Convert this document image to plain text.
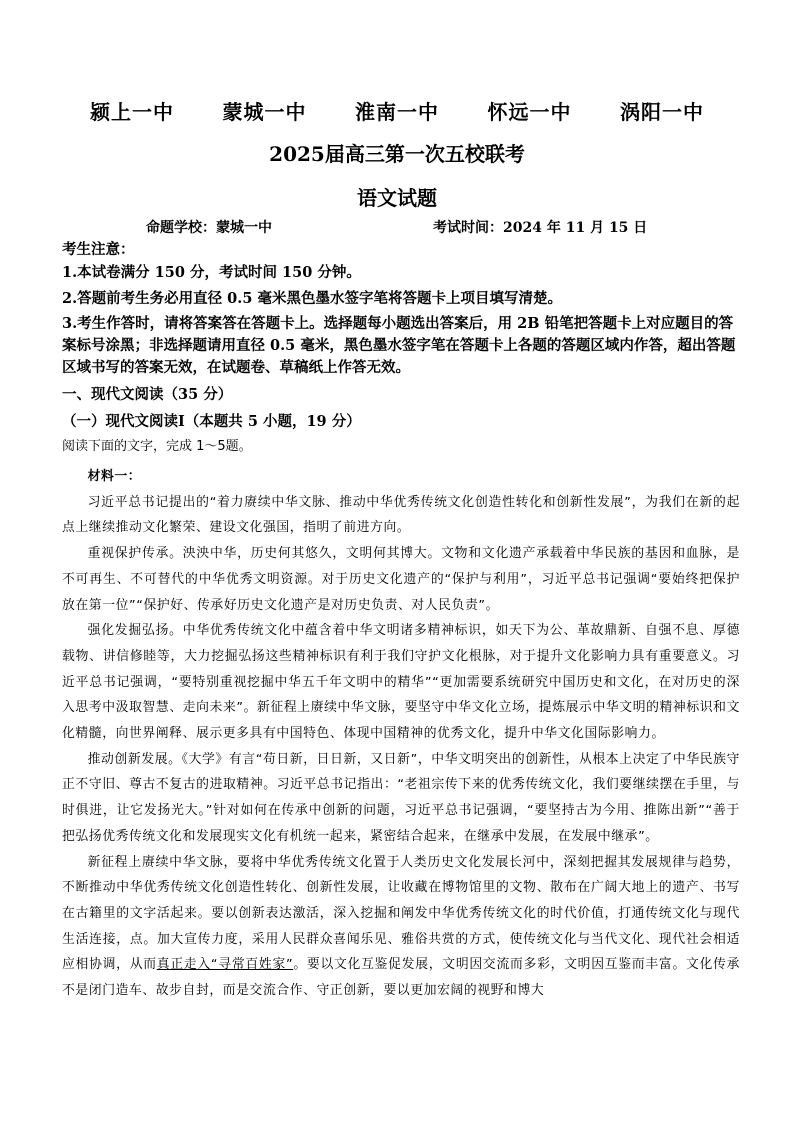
颍上一中 蒙城一中 淮南一中 怀远一中 涡阳一中
2025届高三第一次五校联考
语文试题
命题学校：蒙城一中	考试时间：2024 年 11 月 15 日

考生注意：

1.本试卷满分 150 分，考试时间 150 分钟。

2.答题前考生务必用直径 0.5 毫米黑色墨水签字笔将答题卡上项目填写清楚。

3.考生作答时，请将答案答在答题卡上。选择题每小题选出答案后，用 2B 铅笔把答题卡上对应题目的答案标号涂黑；非选择题请用直径 0.5 毫米，黑色墨水签字笔在答题卡上各题的答题区域内作答，超出答题区域书写的答案无效，在试题卷、草稿纸上作答无效。

一、现代文阅读（35 分）

（一）现代文阅读Ⅰ（本题共 5 小题，19 分）

阅读下面的文字，完成 1～5题。

材料一：

习近平总书记提出的“着力赓续中华文脉、推动中华优秀传统文化创造性转化和创新性发展”，为我们在新的起点上继续推动文化繁荣、建设文化强国，指明了前进方向。

重视保护传承。泱泱中华，历史何其悠久，文明何其博大。文物和文化遗产承载着中华民族的基因和血脉，是不可再生、不可替代的中华优秀文明资源。对于历史文化遗产的“保护与利用”，习近平总书记强调“要始终把保护放在第一位”“保护好、传承好历史文化遗产是对历史负责、对人民负责”。

强化发掘弘扬。中华优秀传统文化中蕴含着中华文明诸多精神标识，如天下为公、革故鼎新、自强不息、厚德载物、讲信修睦等，大力挖掘弘扬这些精神标识有利于我们守护文化根脉，对于提升文化影响力具有重要意义。习近平总书记强调，“要特别重视挖掘中华五千年文明中的精华”“更加需要系统研究中国历史和文化，在对历史的深入思考中汲取智慧、走向未来”。新征程上赓续中华文脉，要坚守中华文化立场，提炼展示中华文明的精神标识和文化精髓，向世界阐释、展示更多具有中国特色、体现中国精神的优秀文化，提升中华文化国际影响力。

推动创新发展。《大学》有言“苟日新，日日新，又日新”，中华文明突出的创新性，从根本上决定了中华民族守正不守旧、尊古不复古的进取精神。习近平总书记指出：“老祖宗传下来的优秀传统文化，我们要继续摆在手里，与时俱进，让它发扬光大。”针对如何在传承中创新的问题，习近平总书记强调，“要坚持古为今用、推陈出新”“善于把弘扬优秀传统文化和发展现实文化有机统一起来，紧密结合起来，在继承中发展，在发展中继承”。

新征程上赓续中华文脉，要将中华优秀传统文化置于人类历史文化发展长河中，深刻把握其发展规律与趋势，不断推动中华优秀传统文化创造性转化、创新性发展，让收藏在博物馆里的文物、散布在广阔大地上的遗产、书写在古籍里的文字活起来。要以创新表达激活，深入挖掘和阐发中华优秀传统文化的时代价值，打通传统文化与现代生活连接，点。加大宣传力度，采用人民群众喜闻乐见、雅俗共赏的方式，使传统文化与当代文化、现代社会相适应相协调，从而真正走入“寻常百姓家”。要以文化互鉴促发展，文明因交流而多彩，文明因互鉴而丰富。文化传承不是闭门造车、故步自封，而是交流合作、守正创新，要以更加宏阔的视野和博大
